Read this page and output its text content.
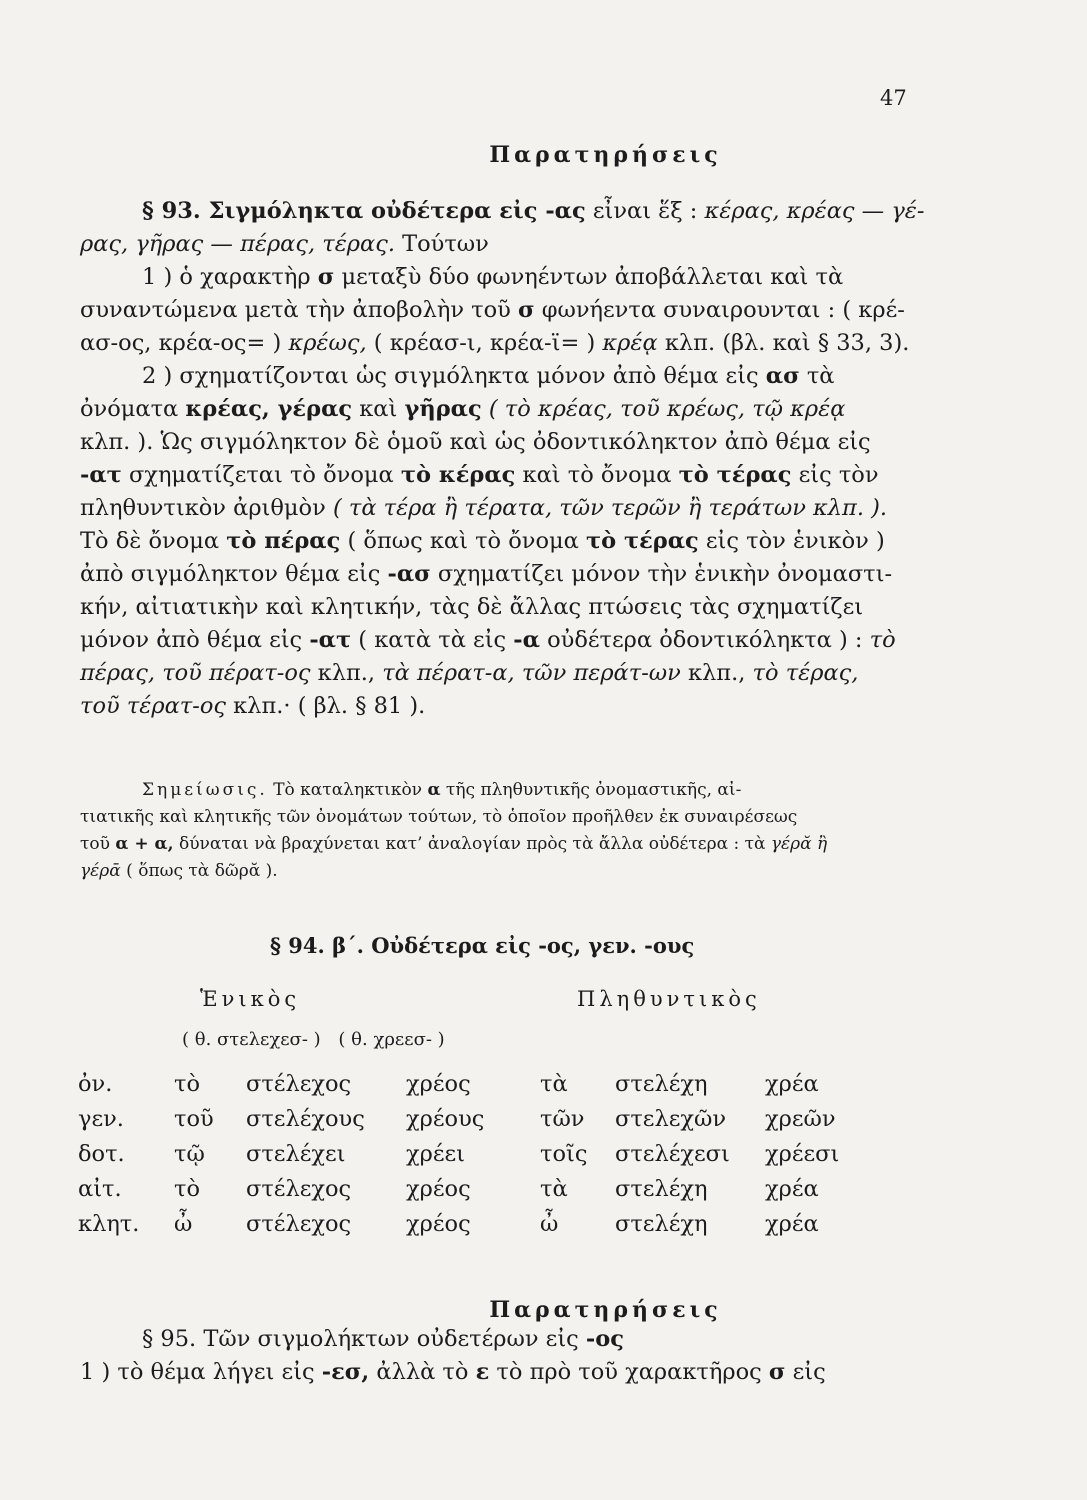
47
Παρατηρήσεις
§ 93. Σιγμόληκτα οὐδέτερα εἰς -ας εἶναι ἕξ : κέρας, κρέας — γέ-
ρας, γῆρας — πέρας, τέρας. Τούτων
1 ) ὁ χαρακτὴρ σ μεταξὺ δύο φωνηέντων ἀποβάλλεται καὶ τὰ
συναντώμενα μετὰ τὴν ἀποβολὴν τοῦ σ φωνήεντα συναιρουνται : ( κρέ-
ασ-ος, κρέα-ος= ) κρέως, ( κρέασ-ι, κρέα-ϊ= ) κρέᾳ κλπ. (βλ. καὶ § 33, 3).
2 ) σχηματίζονται ὡς σιγμόληκτα μόνον ἀπὸ θέμα εἰς ασ τὰ
ὀνόματα κρέας, γέρας καὶ γῆρας ( τὸ κρέας, τοῦ κρέως, τῷ κρέᾳ
κλπ. ). Ὡς σιγμόληκτον δὲ ὁμοῦ καὶ ὡς ὀδοντικόληκτον ἀπὸ θέμα εἰς
-ατ σχηματίζεται τὸ ὄνομα τὸ κέρας καὶ τὸ ὄνομα τὸ τέρας εἰς τὸν
πληθυντικὸν ἀριθμὸν ( τὰ τέρα ἢ τέρατα, τῶν τερῶν ἢ τεράτων κλπ. ).
Τὸ δὲ ὄνομα τὸ πέρας ( ὅπως καὶ τὸ ὄνομα τὸ τέρας εἰς τὸν ἑνικὸν )
ἀπὸ σιγμόληκτον θέμα εἰς -ασ σχηματίζει μόνον τὴν ἑνικὴν ὀνομαστι-
κήν, αἰτιατικὴν καὶ κλητικήν, τὰς δὲ ἄλλας πτώσεις τὰς σχηματίζει
μόνον ἀπὸ θέμα εἰς -ατ ( κατὰ τὰ εἰς -α οὐδέτερα ὀδοντικόληκτα ) : τὸ
πέρας, τοῦ πέρατ-ος κλπ., τὰ πέρατ-α, τῶν περάτ-ων κλπ., τὸ τέρας,
τοῦ τέρατ-ος κλπ.· ( βλ. § 81 ).
Σημείωσις. Τὸ καταληκτικὸν α τῆς πληθυντικῆς ὀνομαστικῆς, αἰ-
τιατικῆς καὶ κλητικῆς τῶν ὀνομάτων τούτων, τὸ ὁποῖον προῆλθεν ἐκ συναιρέσεως
τοῦ α + α, δύναται νὰ βραχύνεται κατ’ ἀναλογίαν πρὸς τὰ ἄλλα οὐδέτερα : τὰ γέρᾰ ἢ
γέρᾱ ( ὅπως τὰ δῶρᾰ ).
§ 94. β΄. Οὐδέτερα εἰς -ος, γεν. -ους
Ἑνικὸς	Πληθυντικὸς
( θ. στελεχεσ- ) ( θ. χρεεσ- )
ὀν.	τὸ	στέλεχος	χρέος	τὰ	στελέχη	χρέα
γεν.	τοῦ	στελέχους	χρέους	τῶν	στελεχῶν	χρεῶν
δοτ.	τῷ	στελέχει	χρέει	τοῖς	στελέχεσι	χρέεσι
αἰτ.	τὸ	στέλεχος	χρέος	τὰ	στελέχη	χρέα
κλητ.	ὦ	στέλεχος	χρέος	ὦ	στελέχη	χρέα
Παρατηρήσεις
§ 95. Τῶν σιγμολήκτων οὐδετέρων εἰς -ος
1 ) τὸ θέμα λήγει εἰς -εσ, ἀλλὰ τὸ ε τὸ πρὸ τοῦ χαρακτῆρος σ εἰς
